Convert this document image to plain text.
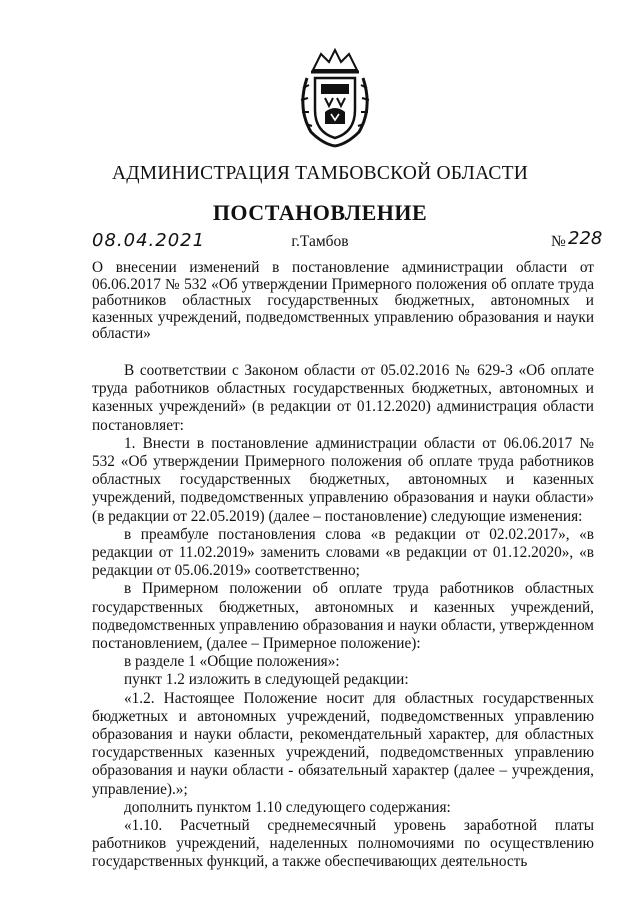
АДМИНИСТРАЦИЯ ТАМБОВСКОЙ ОБЛАСТИ
ПОСТАНОВЛЕНИЕ
08.04.2021	г.Тамбов	№ 228
О внесении изменений в постановление администрации области от 06.06.2017 № 532 «Об утверждении Примерного положения об оплате труда работников областных государственных бюджетных, автономных и казенных учреждений, подведомственных управлению образования и науки области»

В соответствии с Законом области от 05.02.2016 № 629-З «Об оплате труда работников областных государственных бюджетных, автономных и казенных учреждений» (в редакции от 01.12.2020) администрация области постановляет:

1. Внести в постановление администрации области от 06.06.2017 № 532 «Об утверждении Примерного положения об оплате труда работников областных государственных бюджетных, автономных и казенных учреждений, подведомственных управлению образования и науки области» (в редакции от 22.05.2019) (далее – постановление) следующие изменения:

в преамбуле постановления слова «в редакции от 02.02.2017», «в редакции от 11.02.2019» заменить словами «в редакции от 01.12.2020», «в редакции от 05.06.2019» соответственно;

в Примерном положении об оплате труда работников областных государственных бюджетных, автономных и казенных учреждений, подведомственных управлению образования и науки области, утвержденном постановлением, (далее – Примерное положение):

в разделе 1 «Общие положения»:

пункт 1.2 изложить в следующей редакции:

«1.2. Настоящее Положение носит для областных государственных бюджетных и автономных учреждений, подведомственных управлению образования и науки области, рекомендательный характер, для областных государственных казенных учреждений, подведомственных управлению образования и науки области - обязательный характер (далее – учреждения, управление).»;

дополнить пунктом 1.10 следующего содержания:

«1.10. Расчетный среднемесячный уровень заработной платы работников учреждений, наделенных полномочиями по осуществлению государственных функций, а также обеспечивающих деятельность
